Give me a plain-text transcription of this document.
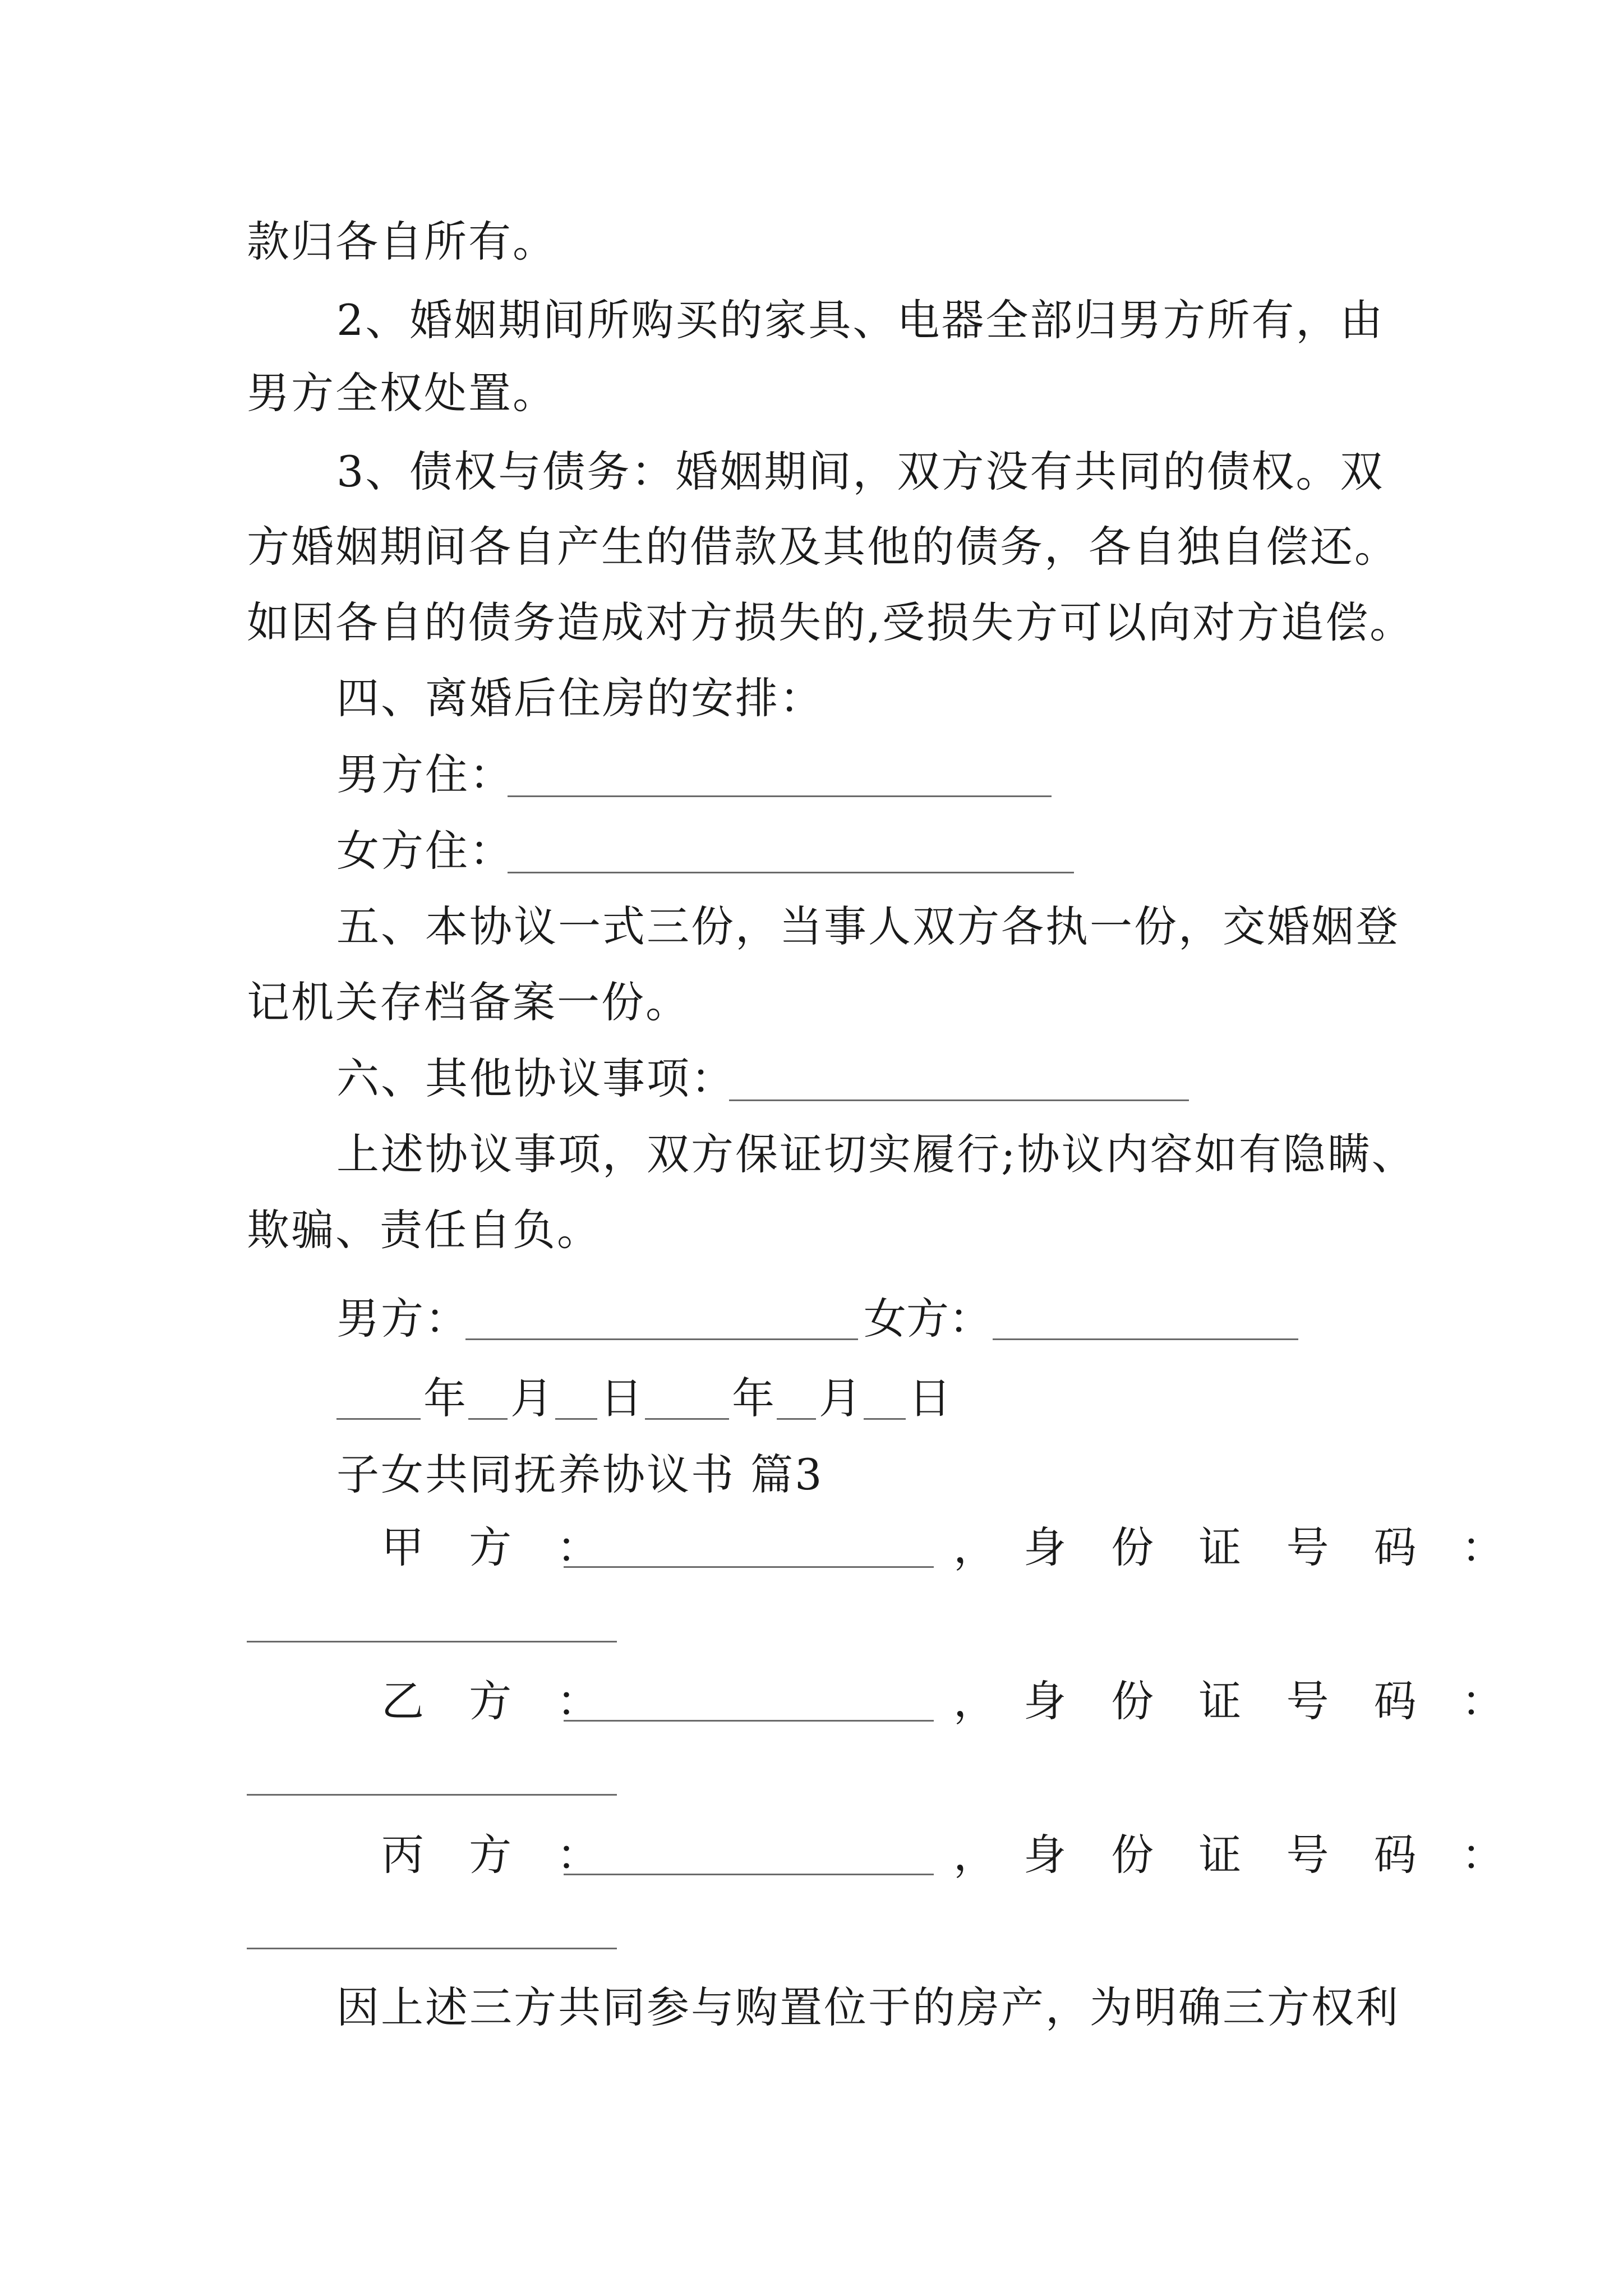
款归各自所有。
2、婚姻期间所购买的家具、电器全部归男方所有，由
男方全权处置。
3、债权与债务：婚姻期间，双方没有共同的债权。双
方婚姻期间各自产生的借款及其他的债务，各自独自偿还。
如因各自的债务造成对方损失的,受损失方可以向对方追偿。
四、离婚后住房的安排：
男方住：
女方住：
五、本协议一式三份，当事人双方各执一份，交婚姻登
记机关存档备案一份。
六、其他协议事项：
上述协议事项，双方保证切实履行;协议内容如有隐瞒、
欺骗、责任自负。
男方：	女方：
年 月 日 年 月 日
子女共同抚养协议书 篇3
甲 方 ：	， 身 份 证 号 码 ：
乙 方 ：	， 身 份 证 号 码 ：
丙 方 ：	， 身 份 证 号 码 ：
因上述三方共同参与购置位于的房产，为明确三方权利
